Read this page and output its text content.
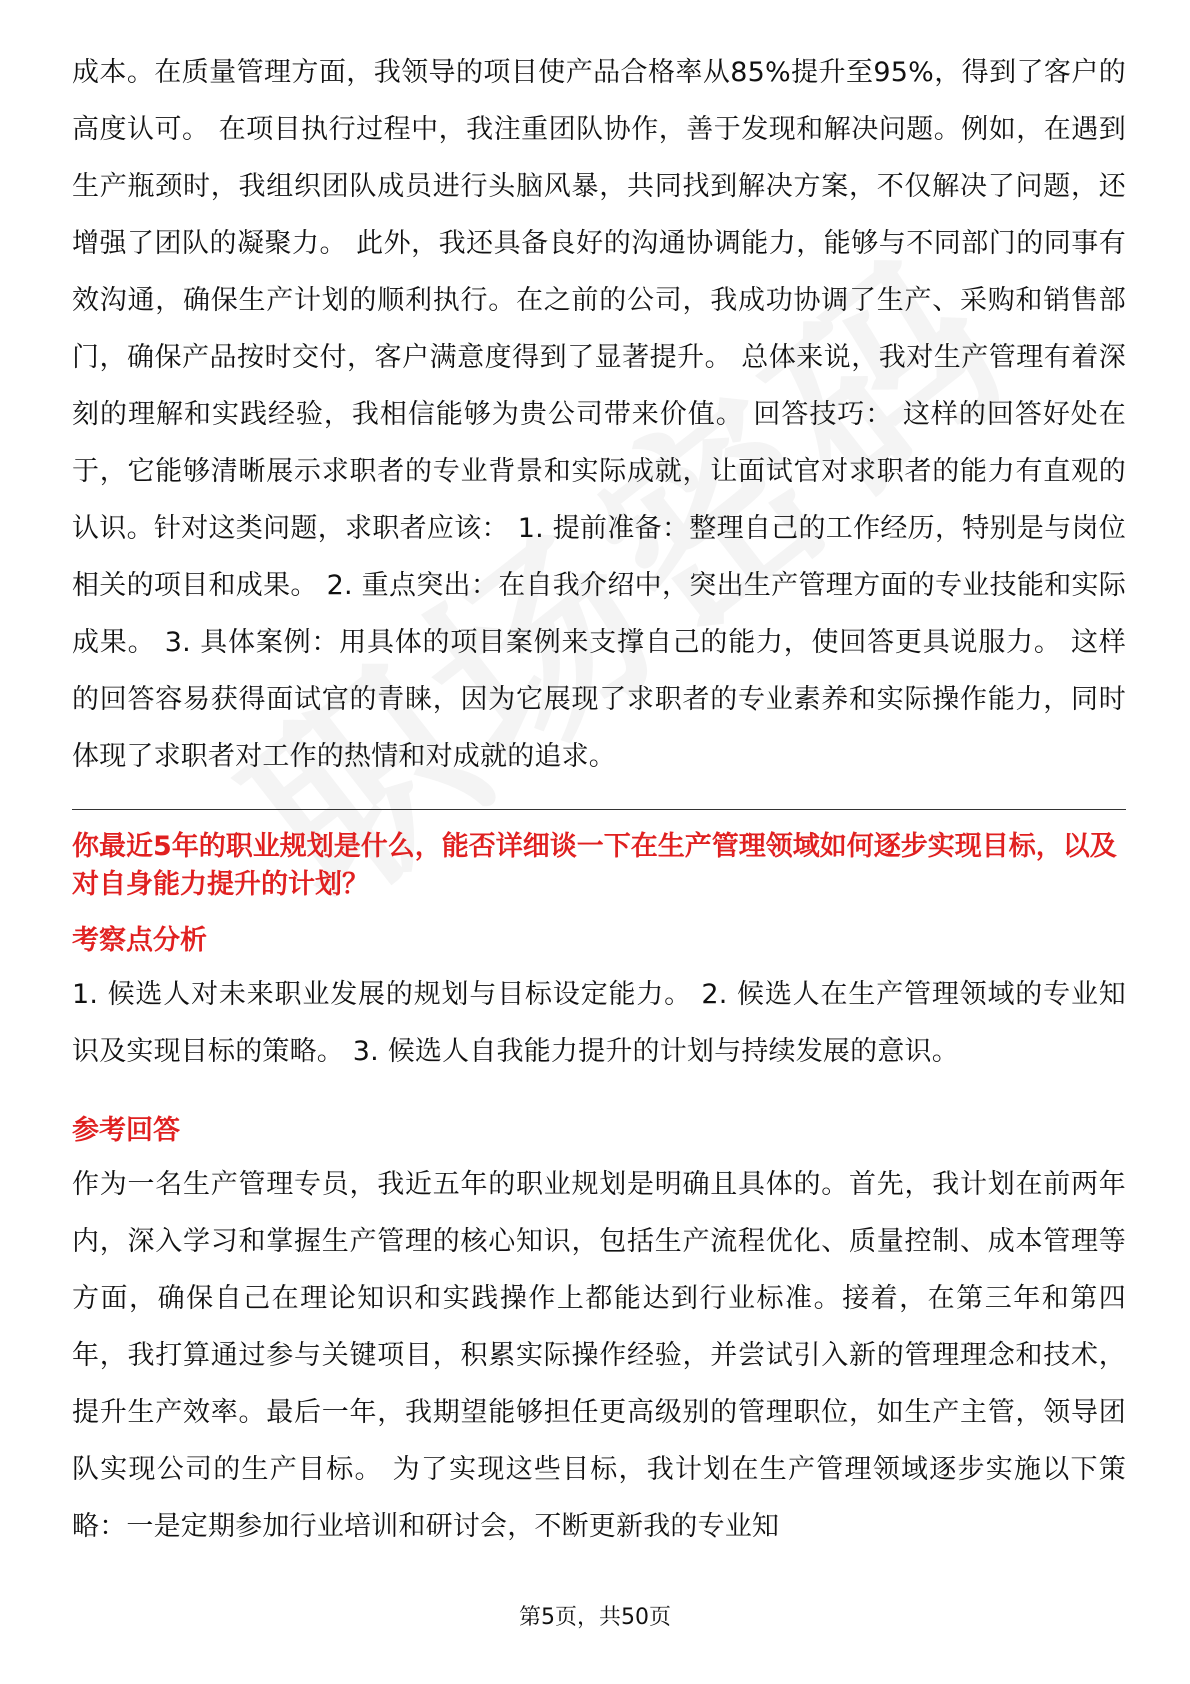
成本。在质量管理方面，我领导的项目使产品合格率从85%提升至95%，得到了客户的高度认可。 在项目执行过程中，我注重团队协作，善于发现和解决问题。例如，在遇到生产瓶颈时，我组织团队成员进行头脑风暴，共同找到解决方案，不仅解决了问题，还增强了团队的凝聚力。 此外，我还具备良好的沟通协调能力，能够与不同部门的同事有效沟通，确保生产计划的顺利执行。在之前的公司，我成功协调了生产、采购和销售部门，确保产品按时交付，客户满意度得到了显著提升。 总体来说，我对生产管理有着深刻的理解和实践经验，我相信能够为贵公司带来价值。 回答技巧： 这样的回答好处在于，它能够清晰展示求职者的专业背景和实际成就，让面试官对求职者的能力有直观的认识。针对这类问题，求职者应该： 1. 提前准备：整理自己的工作经历，特别是与岗位相关的项目和成果。 2. 重点突出：在自我介绍中，突出生产管理方面的专业技能和实际成果。 3. 具体案例：用具体的项目案例来支撑自己的能力，使回答更具说服力。 这样的回答容易获得面试官的青睐，因为它展现了求职者的专业素养和实际操作能力，同时体现了求职者对工作的热情和对成就的追求。

你最近5年的职业规划是什么，能否详细谈一下在生产管理领域如何逐步实现目标，以及对自身能力提升的计划？

考察点分析

1. 候选人对未来职业发展的规划与目标设定能力。 2. 候选人在生产管理领域的专业知识及实现目标的策略。 3. 候选人自我能力提升的计划与持续发展的意识。

参考回答

作为一名生产管理专员，我近五年的职业规划是明确且具体的。首先，我计划在前两年内，深入学习和掌握生产管理的核心知识，包括生产流程优化、质量控制、成本管理等方面，确保自己在理论知识和实践操作上都能达到行业标准。接着，在第三年和第四年，我打算通过参与关键项目，积累实际操作经验，并尝试引入新的管理理念和技术，提升生产效率。最后一年，我期望能够担任更高级别的管理职位，如生产主管，领导团队实现公司的生产目标。 为了实现这些目标，我计划在生产管理领域逐步实施以下策略：一是定期参加行业培训和研讨会，不断更新我的专业知

第5页，共50页
